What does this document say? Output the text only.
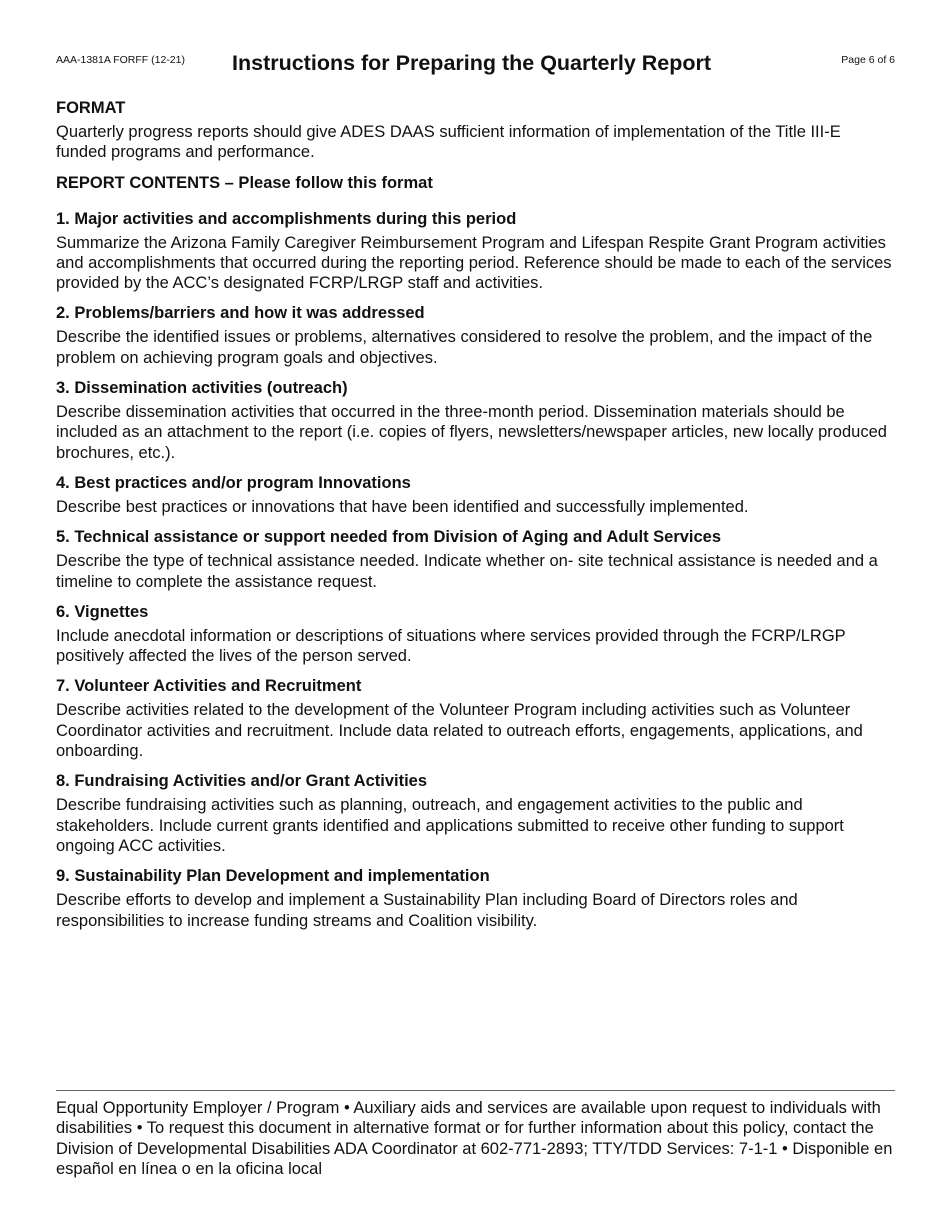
AAA-1381A FORFF (12-21) Instructions for Preparing the Quarterly Report	Page 6 of 6
FORMAT

Quarterly progress reports should give ADES DAAS sufficient information of implementation of the Title III-E funded programs and performance.

REPORT CONTENTS – Please follow this format
1. Major activities and accomplishments during this period

Summarize the Arizona Family Caregiver Reimbursement Program and Lifespan Respite Grant Program activities and accomplishments that occurred during the reporting period. Reference should be made to each of the services provided by the ACC’s designated FCRP/LRGP staff and activities.

2. Problems/barriers and how it was addressed

Describe the identified issues or problems, alternatives considered to resolve the problem, and the impact of the problem on achieving program goals and objectives.

3. Dissemination activities (outreach)

Describe dissemination activities that occurred in the three-month period. Dissemination materials should be included as an attachment to the report (i.e. copies of flyers, newsletters/newspaper articles, new locally produced brochures, etc.).

4. Best practices and/or program Innovations

Describe best practices or innovations that have been identified and successfully implemented.

5. Technical assistance or support needed from Division of Aging and Adult Services

Describe the type of technical assistance needed. Indicate whether on- site technical assistance is needed and a timeline to complete the assistance request.

6. Vignettes

Include anecdotal information or descriptions of situations where services provided through the FCRP/LRGP positively affected the lives of the person served.

7. Volunteer Activities and Recruitment

Describe activities related to the development of the Volunteer Program including activities such as Volunteer Coordinator activities and recruitment. Include data related to outreach efforts, engagements, applications, and onboarding.

8. Fundraising Activities and/or Grant Activities

Describe fundraising activities such as planning, outreach, and engagement activities to the public and stakeholders. Include current grants identified and applications submitted to receive other funding to support ongoing ACC activities.

9. Sustainability Plan Development and implementation

Describe efforts to develop and implement a Sustainability Plan including Board of Directors roles and responsibilities to increase funding streams and Coalition visibility.

Equal Opportunity Employer / Program • Auxiliary aids and services are available upon request to individuals with disabilities • To request this document in alternative format or for further information about this policy, contact the Division of Developmental Disabilities ADA Coordinator at 602-771-2893; TTY/TDD Services: 7-1-1 • Disponible en español en línea o en la oficina local
